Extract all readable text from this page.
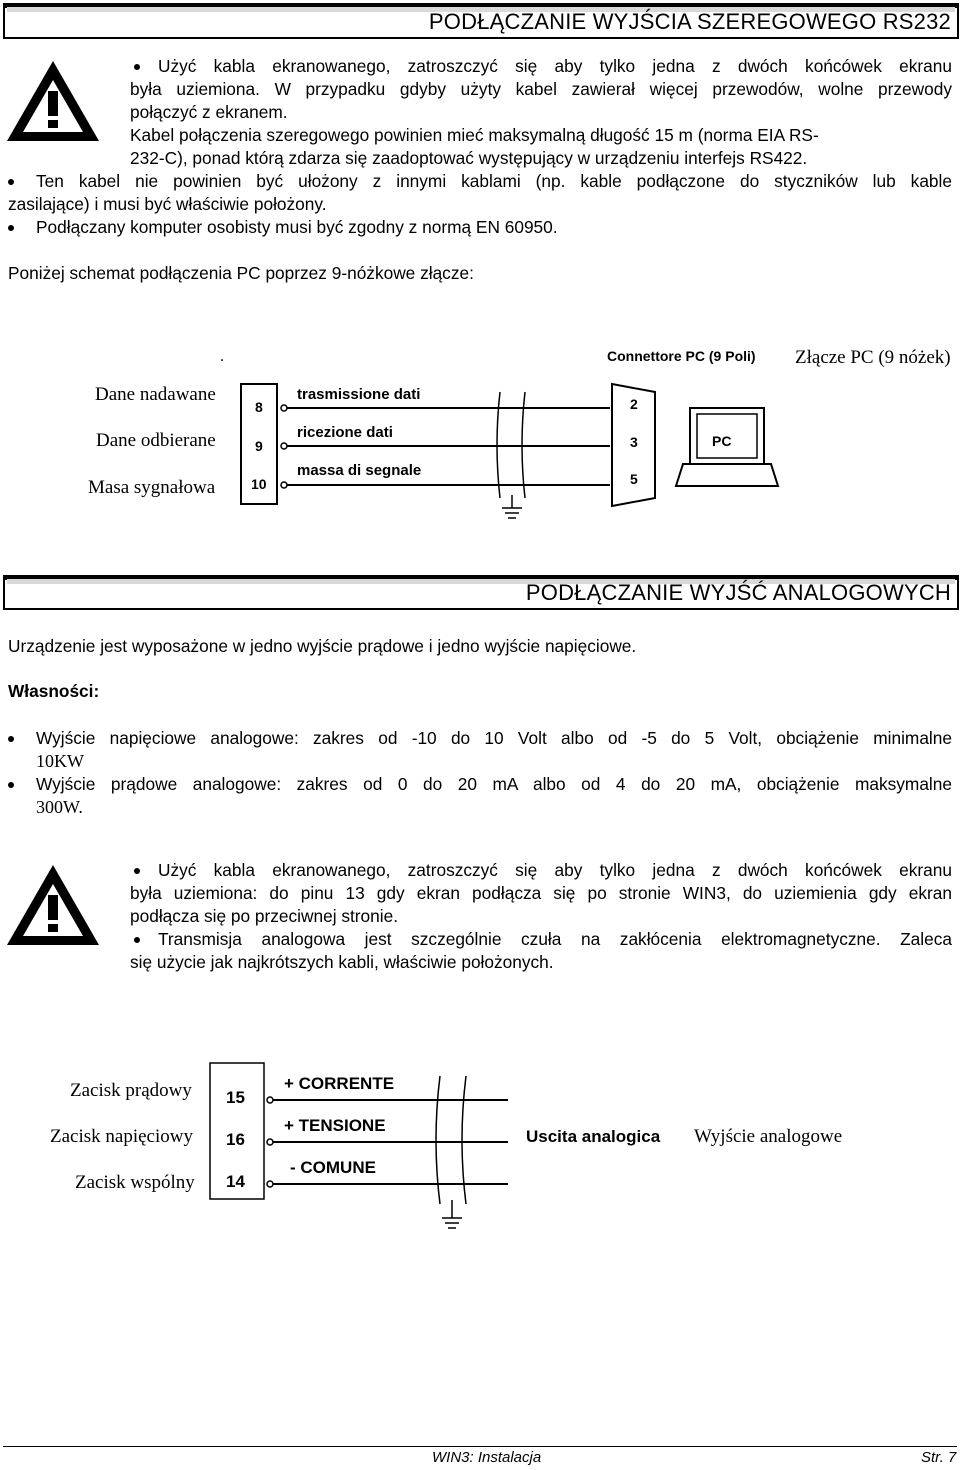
PODŁĄCZANIE WYJŚCIA SZEREGOWEGO RS232
Użyć kabla ekranowanego, zatroszczyć się aby tylko jedna z dwóch końcówek ekranu
była uziemiona. W przypadku gdyby użyty kabel zawierał więcej przewodów, wolne przewody
połączyć z ekranem.
Kabel połączenia szeregowego powinien mieć maksymalną długość 15 m (norma EIA RS-
232-C), ponad którą zdarza się zaadoptować występujący w urządzeniu interfejs RS422.
Ten kabel nie powinien być ułożony z innymi kablami (np. kable podłączone do styczników lub kable
zasilające) i musi być właściwie położony.
Podłączany komputer osobisty musi być zgodny z normą EN 60950.
Poniżej schemat podłączenia PC poprzez 9-nóżkowe złącze:
.	Connettore PC (9 Poli) Złącze PC (9 nóżek)
Dane nadawane
Dane odbierane
Masa sygnałowa
8
9
10
trasmissione dati
ricezione dati
massa di segnale
2
3
5
PC
PODŁĄCZANIE WYJŚĆ ANALOGOWYCH
Urządzenie jest wyposażone w jedno wyjście prądowe i jedno wyjście napięciowe.
Własności:
Wyjście napięciowe analogowe: zakres od -10 do 10 Volt albo od -5 do 5 Volt, obciążenie minimalne
10KW
Wyjście prądowe analogowe: zakres od 0 do 20 mA albo od 4 do 20 mA, obciążenie maksymalne
300W.
Użyć kabla ekranowanego, zatroszczyć się aby tylko jedna z dwóch końcówek ekranu
była uziemiona: do pinu 13 gdy ekran podłącza się po stronie WIN3, do uziemienia gdy ekran
podłącza się po przeciwnej stronie.
Transmisja analogowa jest szczególnie czuła na zakłócenia elektromagnetyczne. Zaleca
się użycie jak najkrótszych kabli, właściwie położonych.
Zacisk prądowy
Zacisk napięciowy
Zacisk wspólny
15
16
14
+ CORRENTE
+ TENSIONE
- COMUNE
Uscita analogica Wyjście analogowe
WIN3: Instalacja	Str. 7
